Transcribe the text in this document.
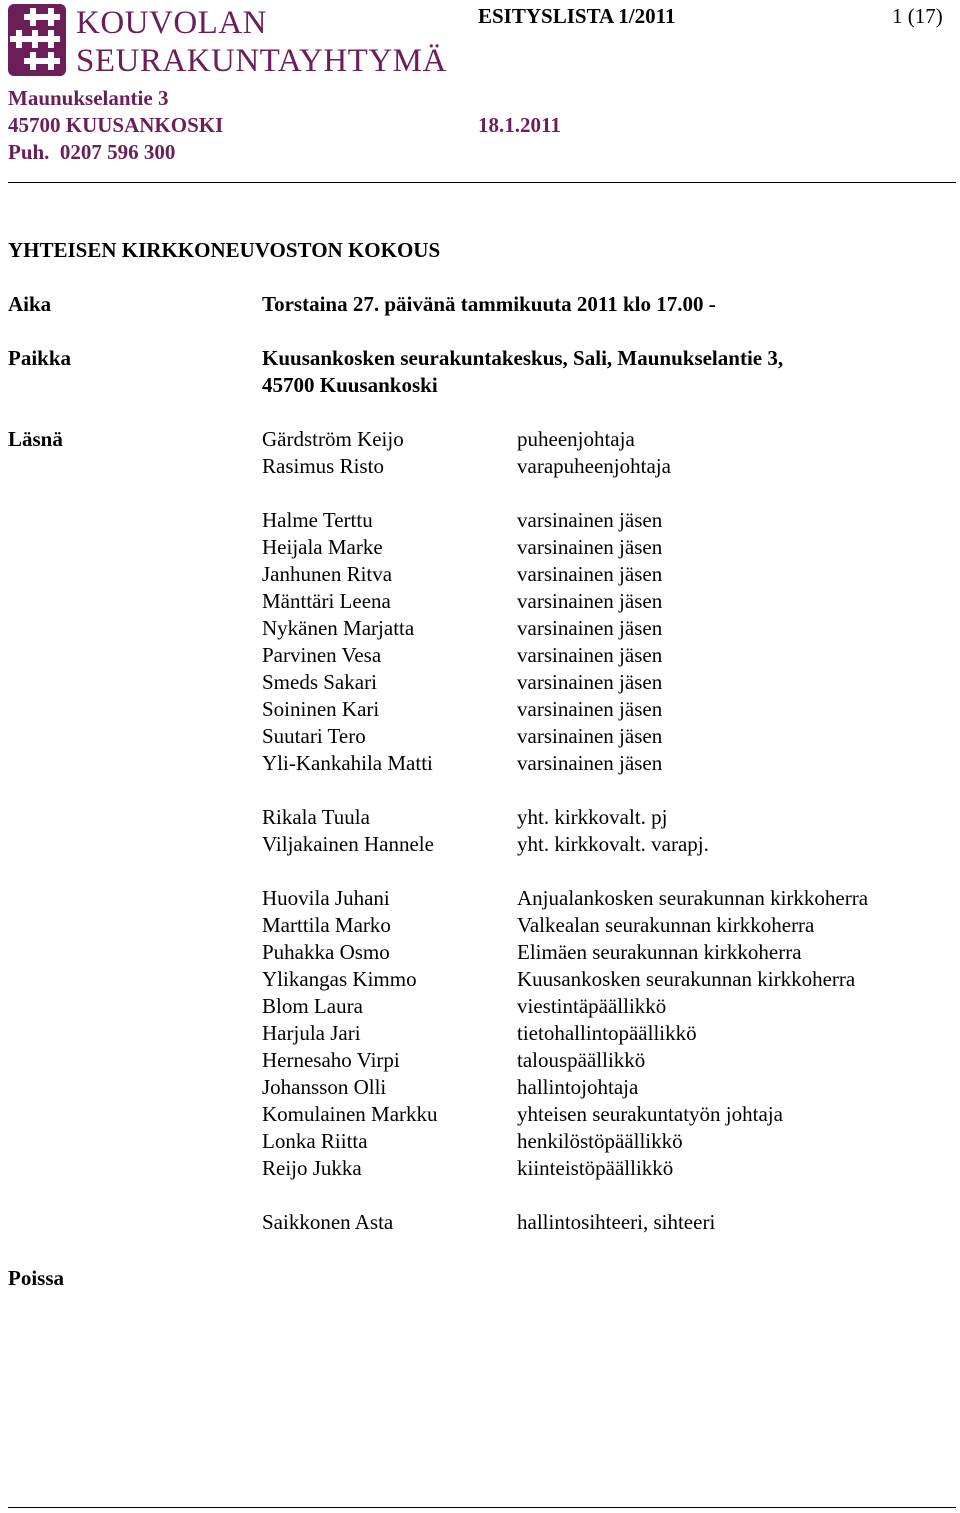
KOUVOLAN
SEURAKUNTAYHTYMÄ
ESITYSLISTA 1/2011	1 (17)
Maunukselantie 3
45700 KUUSANKOSKI	18.1.2011
Puh.  0207 596 300
YHTEISEN KIRKKONEUVOSTON KOKOUS
Aika	Torstaina 27. päivänä tammikuuta 2011 klo 17.00 -
Paikka	Kuusankosken seurakuntakeskus, Sali, Maunukselantie 3,
45700 Kuusankoski
Läsnä	Gärdström Keijo	puheenjohtaja
Rasimus Risto	varapuheenjohtaja
Halme Terttu	varsinainen jäsen
Heijala Marke	varsinainen jäsen
Janhunen Ritva	varsinainen jäsen
Mänttäri Leena	varsinainen jäsen
Nykänen Marjatta	varsinainen jäsen
Parvinen Vesa	varsinainen jäsen
Smeds Sakari	varsinainen jäsen
Soininen Kari	varsinainen jäsen
Suutari Tero	varsinainen jäsen
Yli-Kankahila Matti	varsinainen jäsen
Rikala Tuula	yht. kirkkovalt. pj
Viljakainen Hannele	yht. kirkkovalt. varapj.
Huovila Juhani	Anjualankosken seurakunnan kirkkoherra
Marttila Marko	Valkealan seurakunnan kirkkoherra
Puhakka Osmo	Elimäen seurakunnan kirkkoherra
Ylikangas Kimmo	Kuusankosken seurakunnan kirkkoherra
Blom Laura	viestintäpäällikkö
Harjula Jari	tietohallintopäällikkö
Hernesaho Virpi	talouspäällikkö
Johansson Olli	hallintojohtaja
Komulainen Markku	yhteisen seurakuntatyön johtaja
Lonka Riitta	henkilöstöpäällikkö
Reijo Jukka	kiinteistöpäällikkö
Saikkonen Asta	hallintosihteeri, sihteeri
Poissa
